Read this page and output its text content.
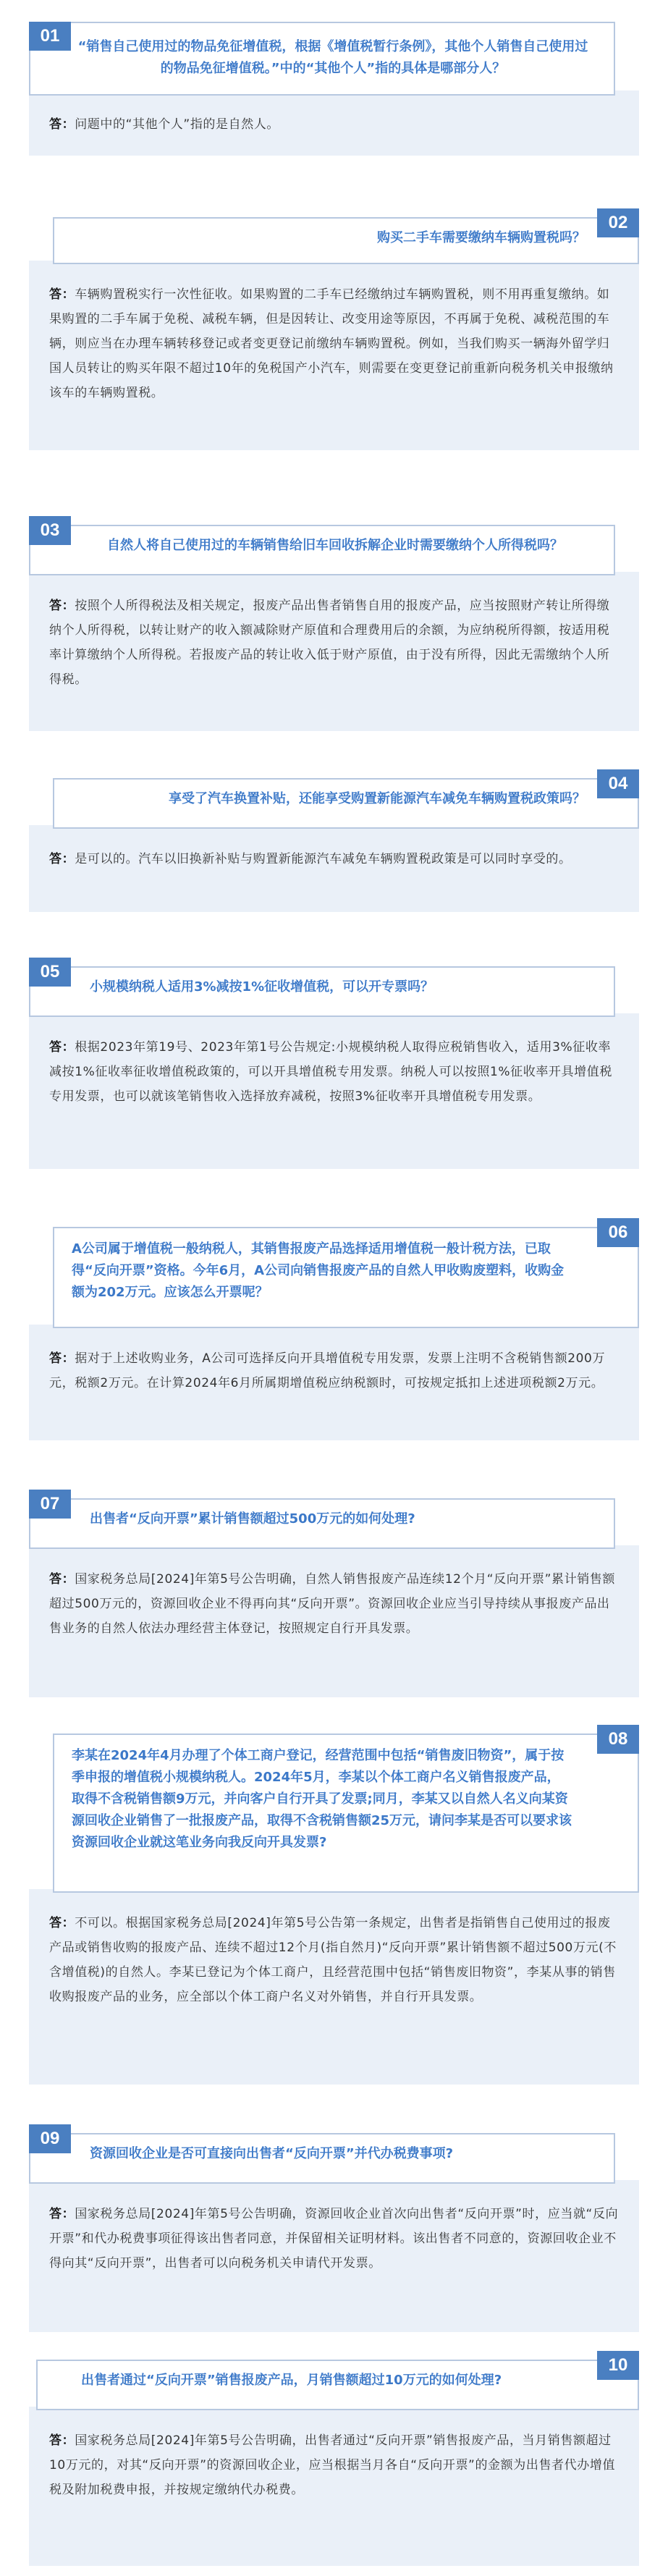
答：问题中的“其他个人”指的是自然人。
“销售自己使用过的物品免征增值税，根据《增值税暂行条例》，其他个人销售自己使用过的物品免征增值税。”中的“其他个人”指的具体是哪部分人？
01
答：车辆购置税实行一次性征收。如果购置的二手车已经缴纳过车辆购置税，则不用再重复缴纳。如果购置的二手车属于免税、减税车辆，但是因转让、改变用途等原因，不再属于免税、减税范围的车辆，则应当在办理车辆转移登记或者变更登记前缴纳车辆购置税。例如，当我们购买一辆海外留学归国人员转让的购买年限不超过10年的免税国产小汽车，则需要在变更登记前重新向税务机关申报缴纳该车的车辆购置税。
购买二手车需要缴纳车辆购置税吗？
02
答：按照个人所得税法及相关规定，报废产品出售者销售自用的报废产品，应当按照财产转让所得缴纳个人所得税，以转让财产的收入额减除财产原值和合理费用后的余额，为应纳税所得额，按适用税率计算缴纳个人所得税。若报废产品的转让收入低于财产原值，由于没有所得，因此无需缴纳个人所得税。
自然人将自己使用过的车辆销售给旧车回收拆解企业时需要缴纳个人所得税吗？
03
答：是可以的。汽车以旧换新补贴与购置新能源汽车减免车辆购置税政策是可以同时享受的。
享受了汽车换置补贴，还能享受购置新能源汽车减免车辆购置税政策吗？
04
答：根据2023年第19号、2023年第1号公告规定:小规模纳税人取得应税销售收入，适用3%征收率减按1%征收率征收增值税政策的，可以开具增值税专用发票。纳税人可以按照1%征收率开具增值税专用发票，也可以就该笔销售收入选择放弃减税，按照3%征收率开具增值税专用发票。
小规模纳税人适用3%减按1%征收增值税，可以开专票吗？
05
答：据对于上述收购业务，A公司可选择反向开具增值税专用发票，发票上注明不含税销售额200万元，税额2万元。在计算2024年6月所属期增值税应纳税额时，可按规定抵扣上述进项税额2万元。
A公司属于增值税一般纳税人，其销售报废产品选择适用增值税一般计税方法，已取得“反向开票”资格。今年6月，A公司向销售报废产品的自然人甲收购废塑料，收购金额为202万元。应该怎么开票呢？
06
答：国家税务总局[2024]年第5号公告明确，自然人销售报废产品连续12个月“反向开票”累计销售额超过500万元的，资源回收企业不得再向其“反向开票”。资源回收企业应当引导持续从事报废产品出售业务的自然人依法办理经营主体登记，按照规定自行开具发票。
出售者“反向开票”累计销售额超过500万元的如何处理?
07
答：不可以。根据国家税务总局[2024]年第5号公告第一条规定，出售者是指销售自己使用过的报废产品或销售收购的报废产品、连续不超过12个月(指自然月)“反向开票”累计销售额不超过500万元(不含增值税)的自然人。李某已登记为个体工商户，且经营范围中包括“销售废旧物资”，李某从事的销售收购报废产品的业务，应全部以个体工商户名义对外销售，并自行开具发票。
李某在2024年4月办理了个体工商户登记，经营范围中包括“销售废旧物资”，属于按季申报的增值税小规模纳税人。2024年5月，李某以个体工商户名义销售报废产品，取得不含税销售额9万元，并向客户自行开具了发票;同月，李某又以自然人名义向某资源回收企业销售了一批报废产品，取得不含税销售额25万元，请问李某是否可以要求该资源回收企业就这笔业务向我反向开具发票?
08
答：国家税务总局[2024]年第5号公告明确，资源回收企业首次向出售者“反向开票”时，应当就“反向开票”和代办税费事项征得该出售者同意，并保留相关证明材料。该出售者不同意的，资源回收企业不得向其“反向开票”，出售者可以向税务机关申请代开发票。
资源回收企业是否可直接向出售者“反向开票”并代办税费事项?
09
答：国家税务总局[2024]年第5号公告明确，出售者通过“反向开票”销售报废产品，当月销售额超过10万元的，对其“反向开票”的资源回收企业，应当根据当月各自“反向开票”的金额为出售者代办增值税及附加税费申报，并按规定缴纳代办税费。
出售者通过“反向开票”销售报废产品，月销售额超过10万元的如何处理?
10
